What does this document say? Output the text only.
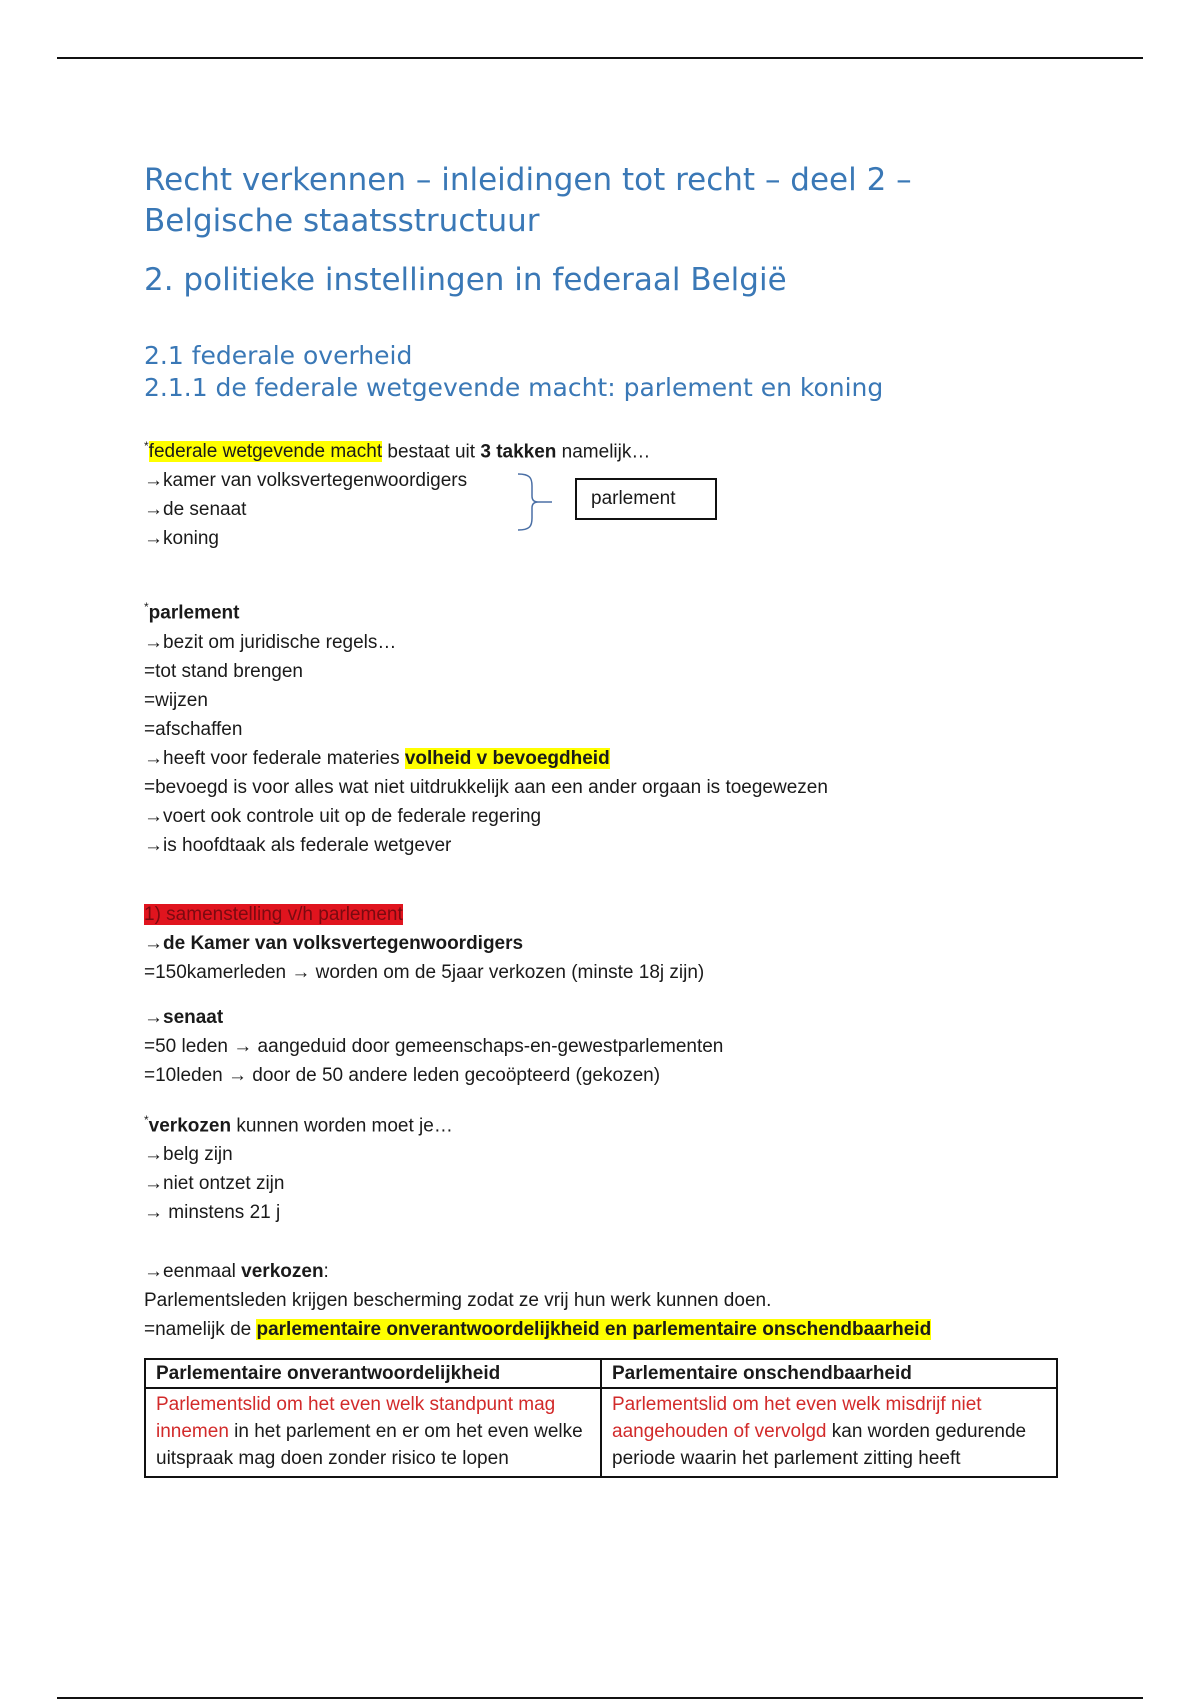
Recht verkennen – inleidingen tot recht – deel 2 –
Belgische staatsstructuur
2. politieke instellingen in federaal België
2.1 federale overheid
2.1.1 de federale wetgevende macht: parlement en koning
*federale wetgevende macht bestaat uit 3 takken namelijk…
→kamer van volksvertegenwoordigers
→de senaat
→koning
parlement
*parlement
→bezit om juridische regels…
=tot stand brengen
=wijzen
=afschaffen
→heeft voor federale materies volheid v bevoegdheid
=bevoegd is voor alles wat niet uitdrukkelijk aan een ander orgaan is toegewezen
→voert ook controle uit op de federale regering
→is hoofdtaak als federale wetgever
1) samenstelling v/h parlement
→de Kamer van volksvertegenwoordigers
=150kamerleden → worden om de 5jaar verkozen (minste 18j zijn)
→senaat
=50 leden → aangeduid door gemeenschaps-en-gewestparlementen
=10leden → door de 50 andere leden gecoöpteerd (gekozen)
*verkozen kunnen worden moet je…
→belg zijn
→niet ontzet zijn
→ minstens 21 j
→eenmaal verkozen:
Parlementsleden krijgen bescherming zodat ze vrij hun werk kunnen doen.
=namelijk de parlementaire onverantwoordelijkheid en parlementaire onschendbaarheid
Parlementaire onverantwoordelijkheid	Parlementaire onschendbaarheid
Parlementslid om het even welk standpunt mag innemen in het parlement en er om het even welke uitspraak mag doen zonder risico te lopen	Parlementslid om het even welk misdrijf niet aangehouden of vervolgd kan worden gedurende periode waarin het parlement zitting heeft
